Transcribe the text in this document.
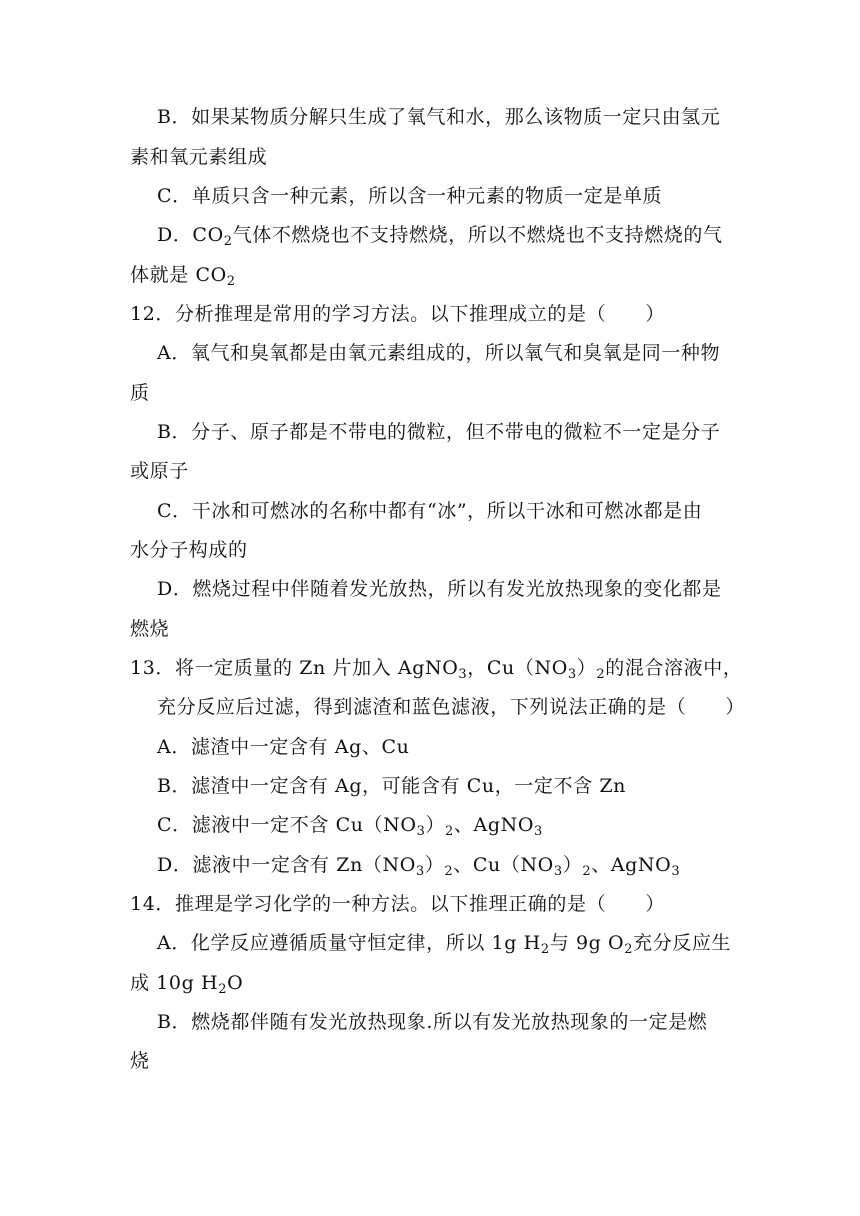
B．如果某物质分解只生成了氧气和水，那么该物质一定只由氢元
素和氧元素组成
C．单质只含一种元素，所以含一种元素的物质一定是单质
D．$CO_2$气体不燃烧也不支持燃烧，所以不燃烧也不支持燃烧的气
体就是 $CO_2$
12．分析推理是常用的学习方法。以下推理成立的是（　　）
A．氧气和臭氧都是由氧元素组成的，所以氧气和臭氧是同一种物
质
B．分子、原子都是不带电的微粒，但不带电的微粒不一定是分子
或原子
C．干冰和可燃冰的名称中都有“冰”，所以干冰和可燃冰都是由
水分子构成的
D．燃烧过程中伴随着发光放热，所以有发光放热现象的变化都是
燃烧
13．将一定质量的 Zn 片加入 AgNO$_3$，$Cu(NO_3)_2$的混合溶液中，
充分反应后过滤，得到滤渣和蓝色滤液，下列说法正确的是（　　）
A．滤渣中一定含有 Ag、Cu
B．滤渣中一定含有 Ag，可能含有 Cu，一定不含 Zn
C．滤液中一定不含 $Cu(NO_3)_2$、AgNO$_3$
D．滤液中一定含有 $Zn(NO_3)_2$、$Cu(NO_3)_2$、AgNO$_3$
14．推理是学习化学的一种方法。以下推理正确的是（　　）
A．化学反应遵循质量守恒定律，所以 1g $H_2$与 9g $O_2$充分反应生
成 10g $H_2O$
B．燃烧都伴随有发光放热现象.所以有发光放热现象的一定是燃
烧
